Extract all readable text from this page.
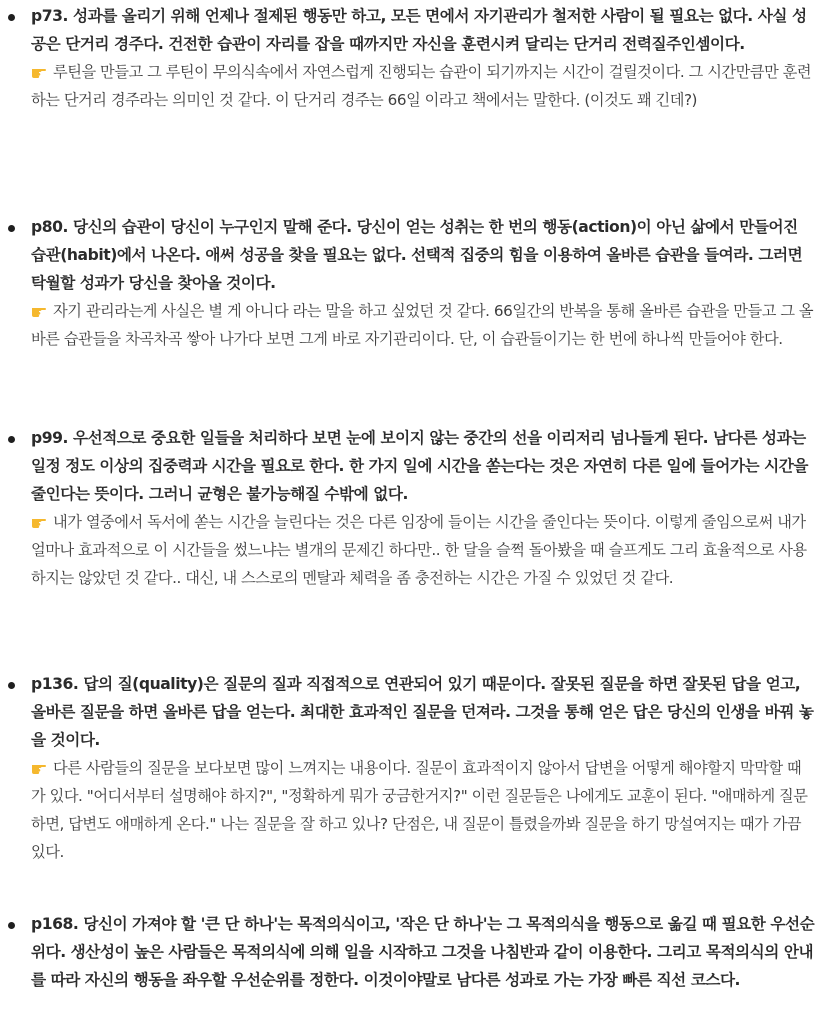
p73. 성과를 올리기 위해 언제나 절제된 행동만 하고, 모든 면에서 자기관리가 철저한 사람이 될 필요는 없다. 사실 성공은 단거리 경주다. 건전한 습관이 자리를 잡을 때까지만 자신을 훈련시켜 달리는 단거리 전력질주인셈이다.
루틴을 만들고 그 루틴이 무의식속에서 자연스럽게 진행되는 습관이 되기까지는 시간이 걸릴것이다. 그 시간만큼만 훈련하는 단거리 경주라는 의미인 것 같다. 이 단거리 경주는 66일 이라고 책에서는 말한다. (이것도 꽤 긴데?)
p80. 당신의 습관이 당신이 누구인지 말해 준다. 당신이 얻는 성취는 한 번의 행동(action)이 아닌 삶에서 만들어진 습관(habit)에서 나온다. 애써 성공을 찾을 필요는 없다. 선택적 집중의 힘을 이용하여 올바른 습관을 들여라. 그러면 탁월할 성과가 당신을 찾아올 것이다.
자기 관리라는게 사실은 별 게 아니다 라는 말을 하고 싶었던 것 같다. 66일간의 반복을 통해 올바른 습관을 만들고 그 올바른 습관들을 차곡차곡 쌓아 나가다 보면 그게 바로 자기관리이다. 단, 이 습관들이기는 한 번에 하나씩 만들어야 한다.
p99. 우선적으로 중요한 일들을 처리하다 보면 눈에 보이지 않는 중간의 선을 이리저리 넘나들게 된다. 남다른 성과는 일정 정도 이상의 집중력과 시간을 필요로 한다. 한 가지 일에 시간을 쏟는다는 것은 자연히 다른 일에 들어가는 시간을 줄인다는 뜻이다. 그러니 균형은 불가능해질 수밖에 없다.
내가 열중에서 독서에 쏟는 시간을 늘린다는 것은 다른 임장에 들이는 시간을 줄인다는 뜻이다. 이렇게 줄임으로써 내가 얼마나 효과적으로 이 시간들을 썼느냐는 별개의 문제긴 하다만.. 한 달을 슬쩍 돌아봤을 때 슬프게도 그리 효율적으로 사용하지는 않았던 것 같다.. 대신, 내 스스로의 멘탈과 체력을 좀 충전하는 시간은 가질 수 있었던 것 같다.
p136. 답의 질(quality)은 질문의 질과 직접적으로 연관되어 있기 때문이다. 잘못된 질문을 하면 잘못된 답을 얻고, 올바른 질문을 하면 올바른 답을 얻는다. 최대한 효과적인 질문을 던져라. 그것을 통해 얻은 답은 당신의 인생을 바꿔 놓을 것이다.
다른 사람들의 질문을 보다보면 많이 느껴지는 내용이다. 질문이 효과적이지 않아서 답변을 어떻게 해야할지 막막할 때가 있다. "어디서부터 설명해야 하지?", "정확하게 뭐가 궁금한거지?" 이런 질문들은 나에게도 교훈이 된다. "애매하게 질문하면, 답변도 애매하게 온다." 나는 질문을 잘 하고 있나? 단점은, 내 질문이 틀렸을까봐 질문을 하기 망설여지는 때가 가끔 있다.
p168. 당신이 가져야 할 '큰 단 하나'는 목적의식이고, '작은 단 하나'는 그 목적의식을 행동으로 옮길 때 필요한 우선순위다. 생산성이 높은 사람들은 목적의식에 의해 일을 시작하고 그것을 나침반과 같이 이용한다. 그리고 목적의식의 안내를 따라 자신의 행동을 좌우할 우선순위를 정한다. 이것이야말로 남다른 성과로 가는 가장 빠른 직선 코스다.
